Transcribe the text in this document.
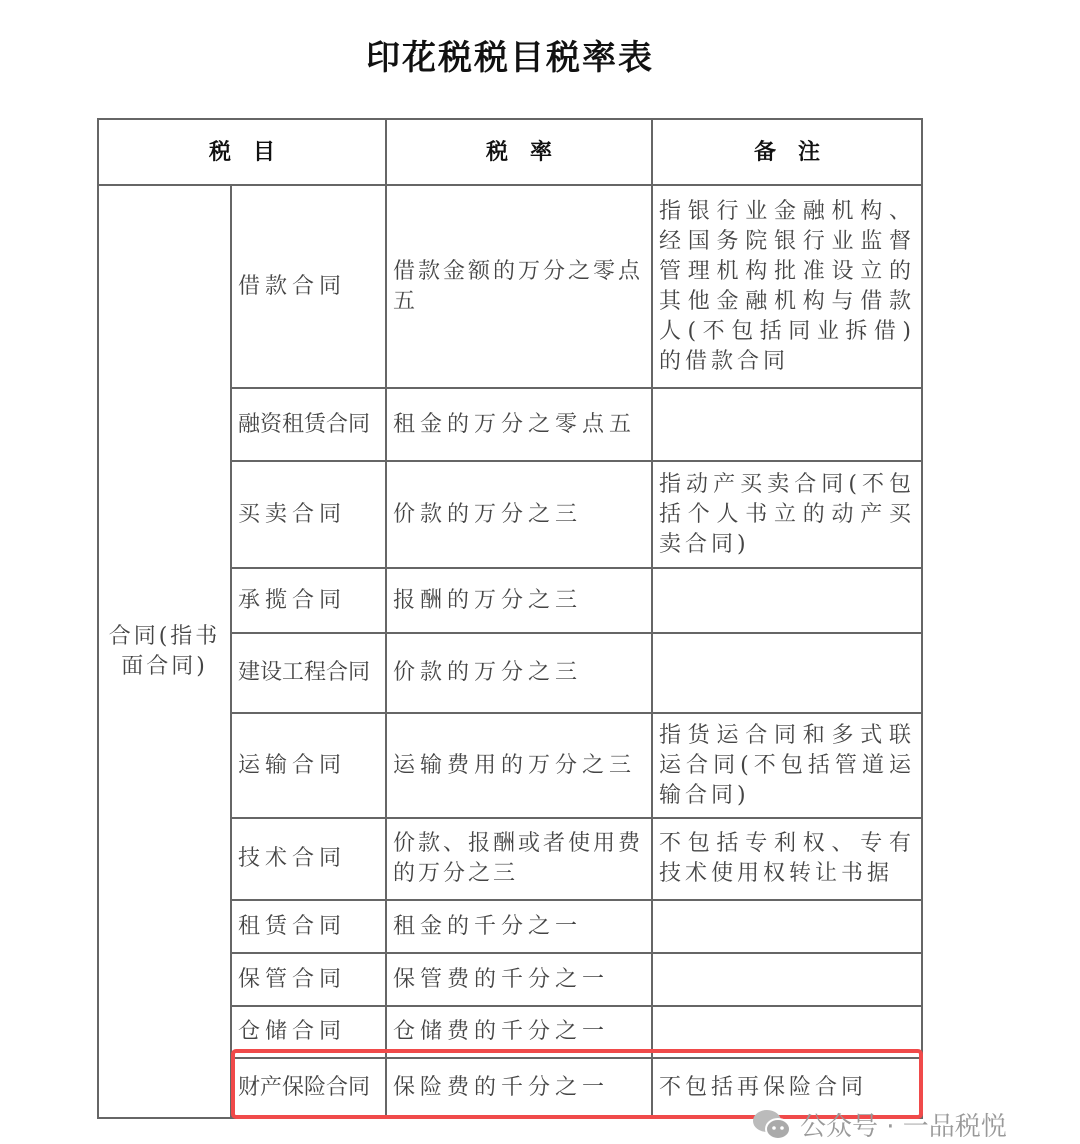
印花税税目税率表
税　目		税　率	备　注
合同(指书面合同)	借款合同	借款金额的万分之零点五	指银行业金融机构、经国务院银行业监督管理机构批准设立的其他金融机构与借款人(不包括同业拆借)的借款合同
	融资租赁合同	租金的万分之零点五	
	买卖合同	价款的万分之三	指动产买卖合同(不包括个人书立的动产买卖合同)
	承揽合同	报酬的万分之三	
	建设工程合同	价款的万分之三	
	运输合同	运输费用的万分之三	指货运合同和多式联运合同(不包括管道运输合同)
	技术合同	价款、报酬或者使用费的万分之三	不包括专利权、专有技术使用权转让书据
	租赁合同	租金的千分之一	
	保管合同	保管费的千分之一	
	仓储合同	仓储费的千分之一	
	财产保险合同	保险费的千分之一	不包括再保险合同
公众号 · 一品税悦
